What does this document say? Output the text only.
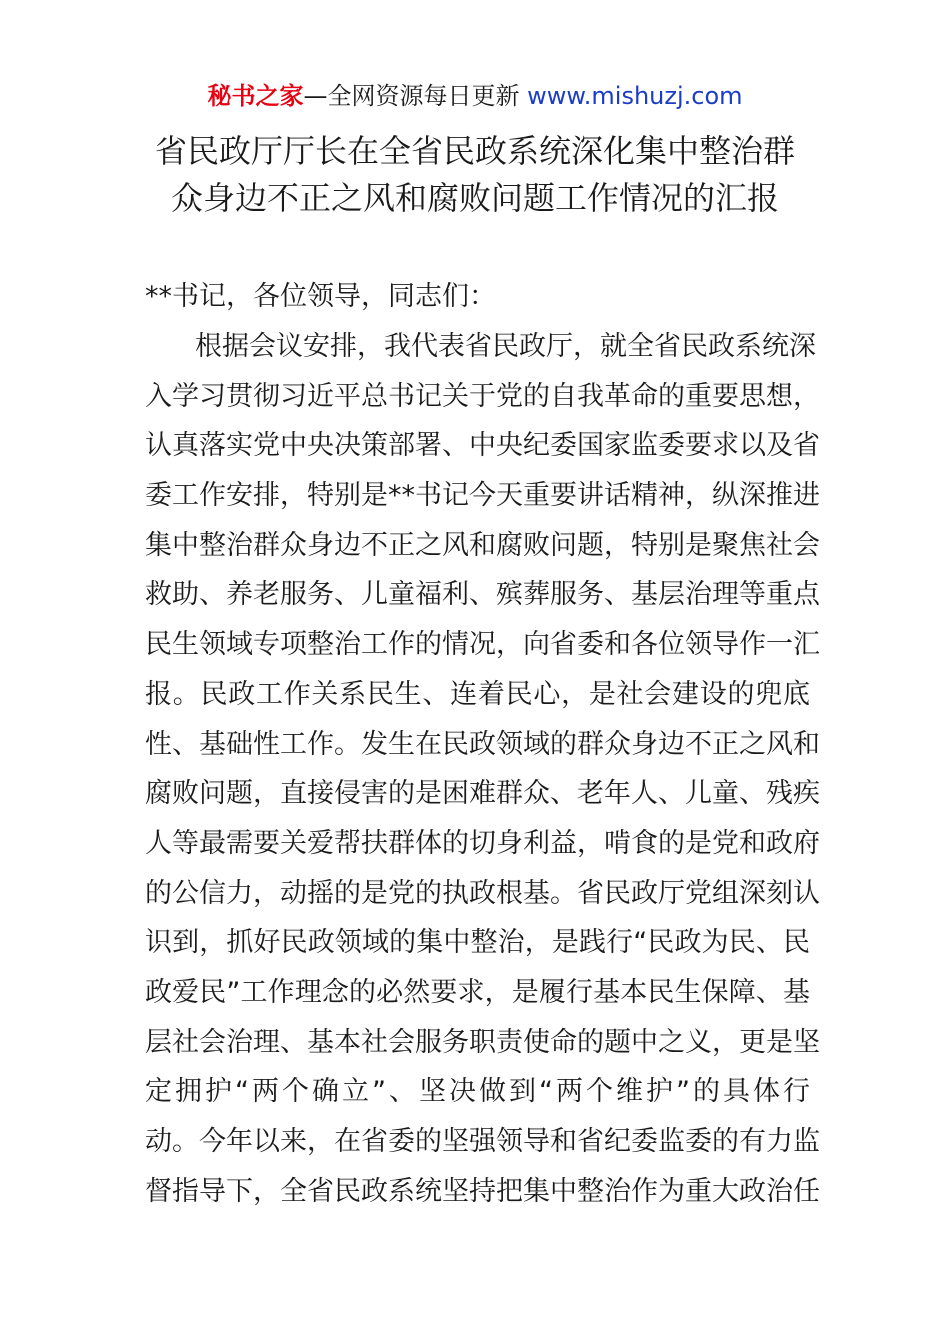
秘书之家—全网资源每日更新 www.mishuzj.com
省民政厅厅长在全省民政系统深化集中整治群
众身边不正之风和腐败问题工作情况的汇报
**书记，各位领导，同志们：
根据会议安排，我代表省民政厅，就全省民政系统深
入学习贯彻习近平总书记关于党的自我革命的重要思想，
认真落实党中央决策部署、中央纪委国家监委要求以及省
委工作安排，特别是**书记今天重要讲话精神，纵深推进
集中整治群众身边不正之风和腐败问题，特别是聚焦社会
救助、养老服务、儿童福利、殡葬服务、基层治理等重点
民生领域专项整治工作的情况，向省委和各位领导作一汇
报。民政工作关系民生、连着民心，是社会建设的兜底
性、基础性工作。发生在民政领域的群众身边不正之风和
腐败问题，直接侵害的是困难群众、老年人、儿童、残疾
人等最需要关爱帮扶群体的切身利益，啃食的是党和政府
的公信力，动摇的是党的执政根基。省民政厅党组深刻认
识到，抓好民政领域的集中整治，是践行“民政为民、民
政爱民”工作理念的必然要求，是履行基本民生保障、基
层社会治理、基本社会服务职责使命的题中之义，更是坚
定拥护“两个确立”、坚决做到“两个维护”的具体行
动。今年以来，在省委的坚强领导和省纪委监委的有力监
督指导下，全省民政系统坚持把集中整治作为重大政治任
